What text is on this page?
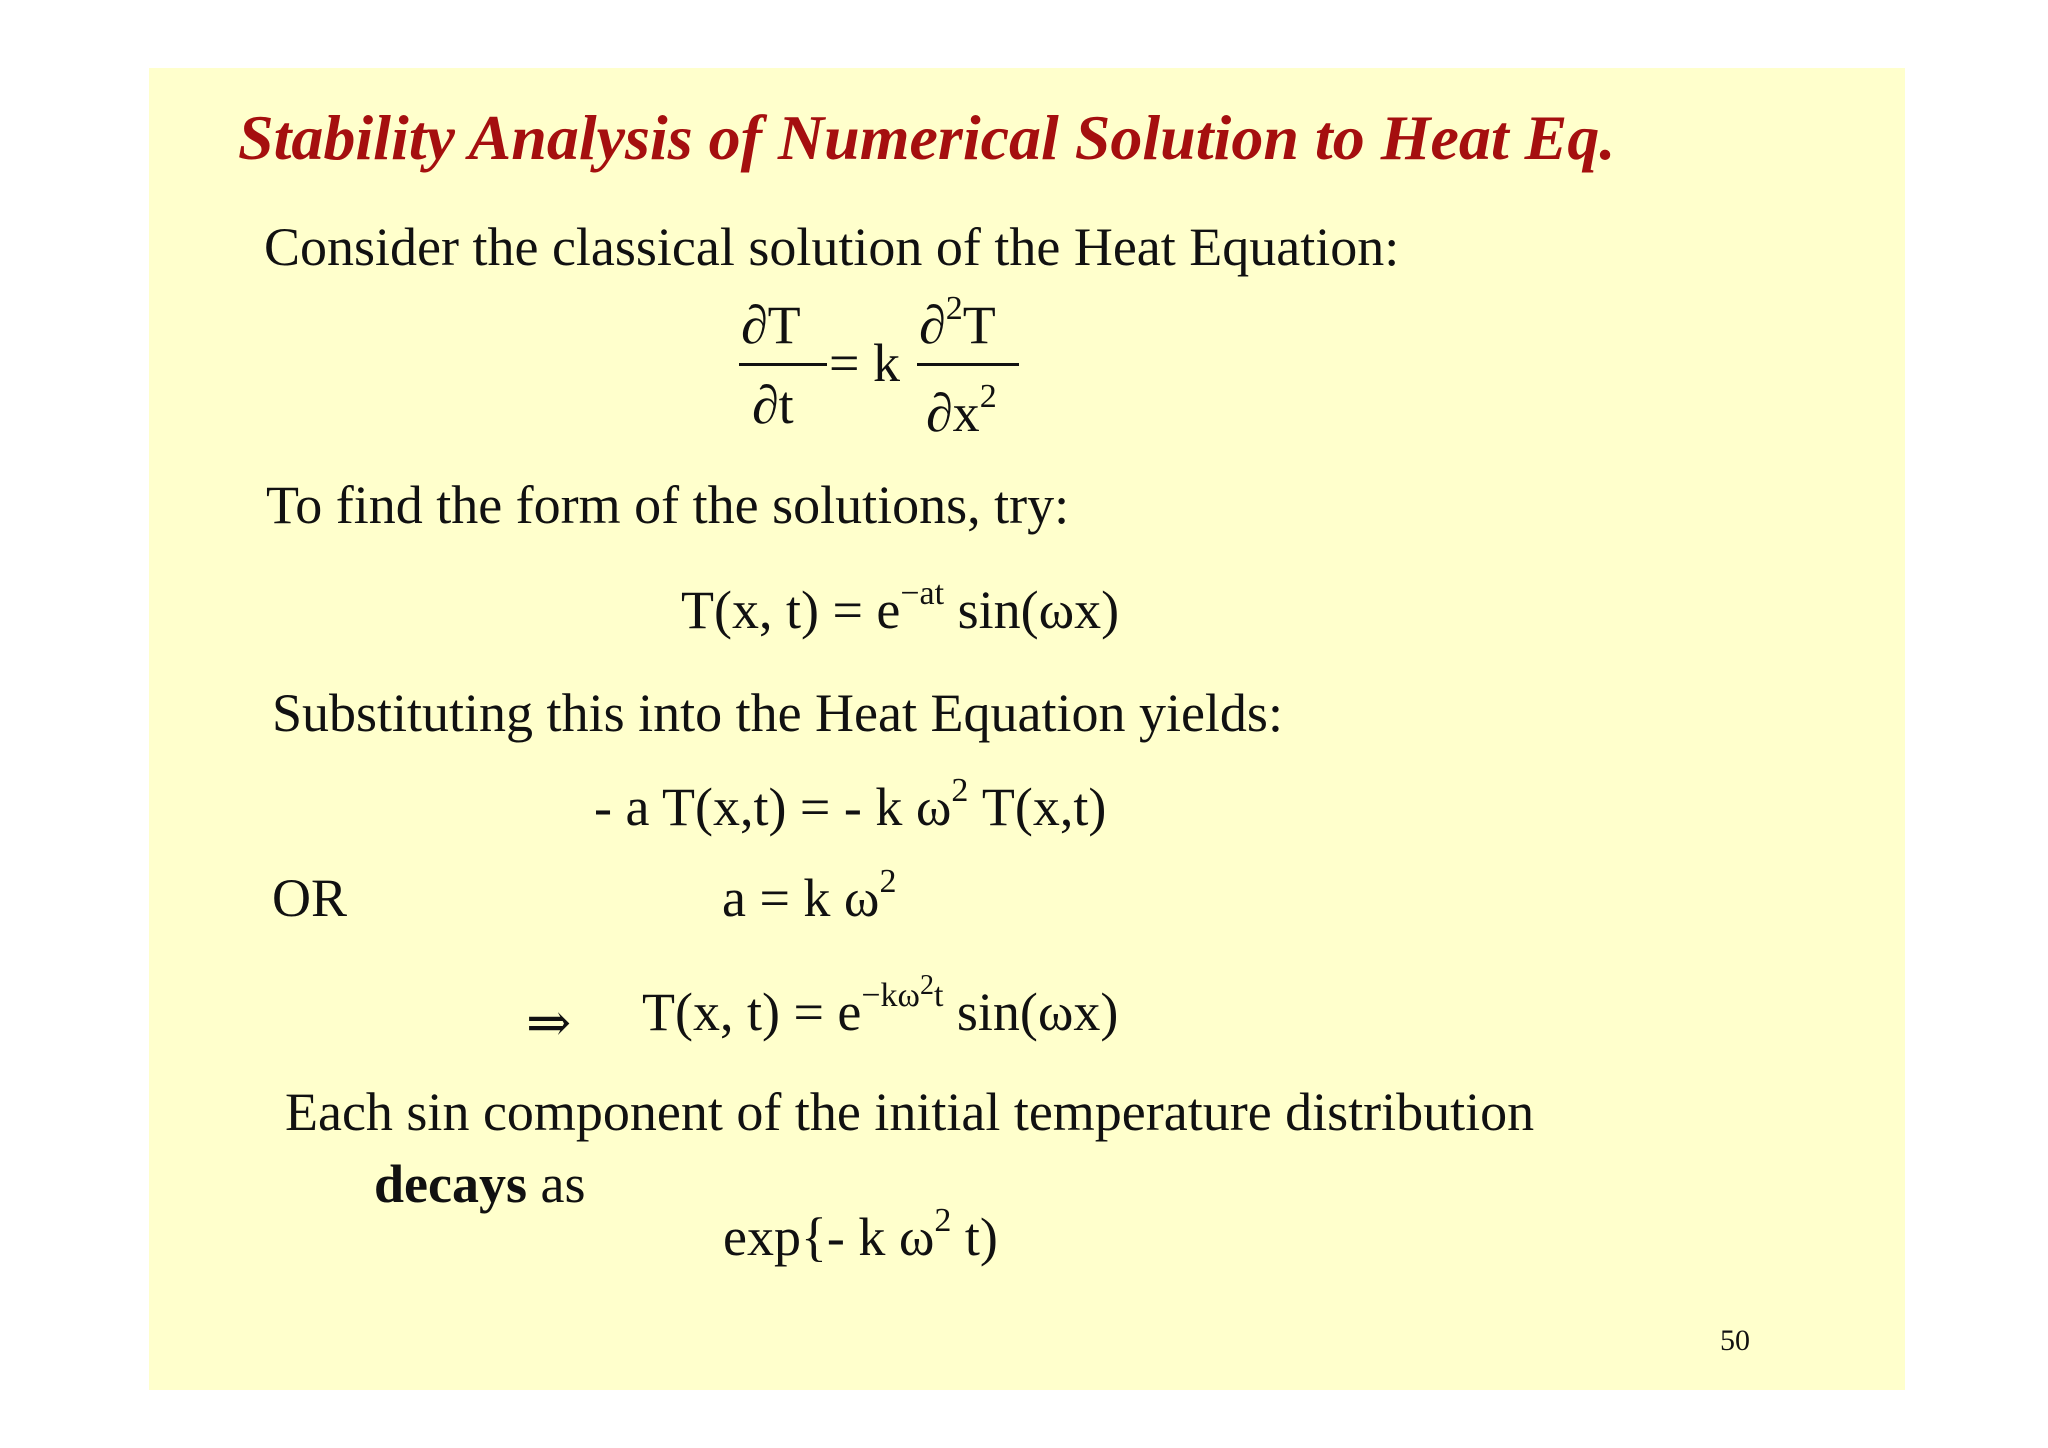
Stability Analysis of Numerical Solution to Heat Eq.
Consider the classical solution of the Heat Equation:
∂T
∂t
= k
∂$^2$T
$\partial x^2$
To find the form of the solutions, try:
T(x, $t) = e^{-at}$ sin(ωx)
Substituting this into the Heat Equation yields:
- a T(x,t) = - k $\omega^2$ T(x,t)
OR	a = k $\omega^2$
⇒ T(x, $t) = e^{-k\omega^2t}$ sin(ωx)
Each sin component of the initial temperature distribution
decays as
exp{- k $\omega^2$ t)
50
